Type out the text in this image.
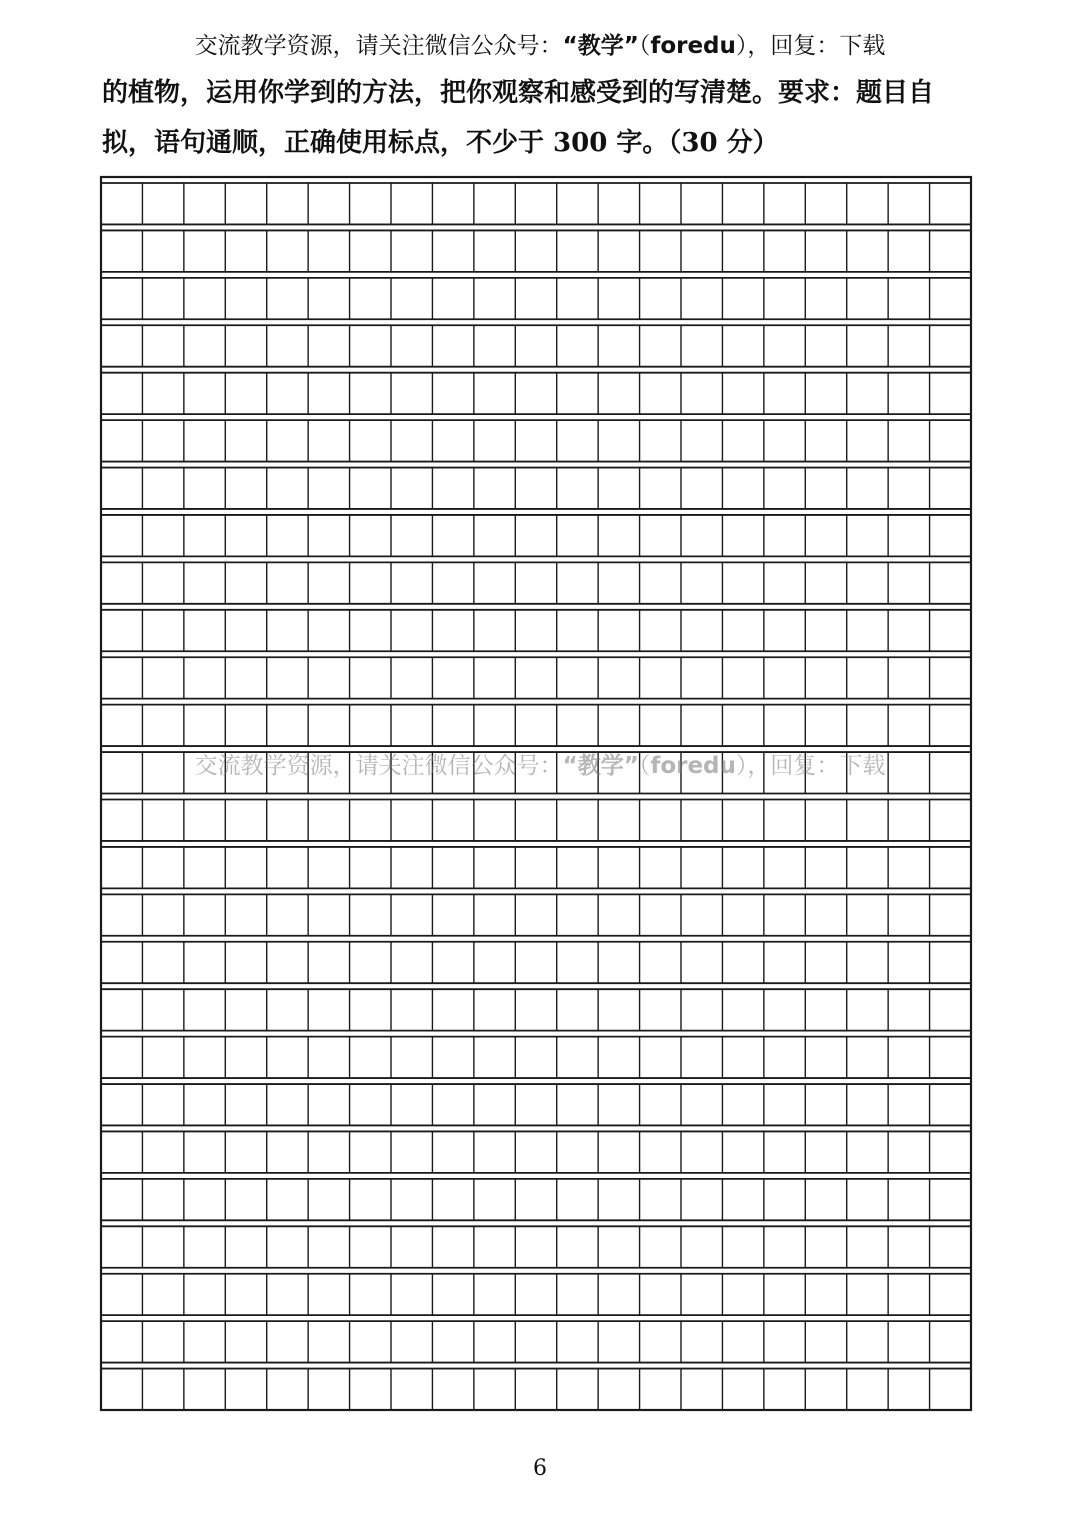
交流教学资源，请关注微信公众号：“教学”（foredu），回复：下载
的植物，运用你学到的方法，把你观察和感受到的写清楚。要求：题目自
拟，语句通顺，正确使用标点，不少于 300 字。（30 分）
交流教学资源，请关注微信公众号：“教学”（foredu），回复：下载
6
